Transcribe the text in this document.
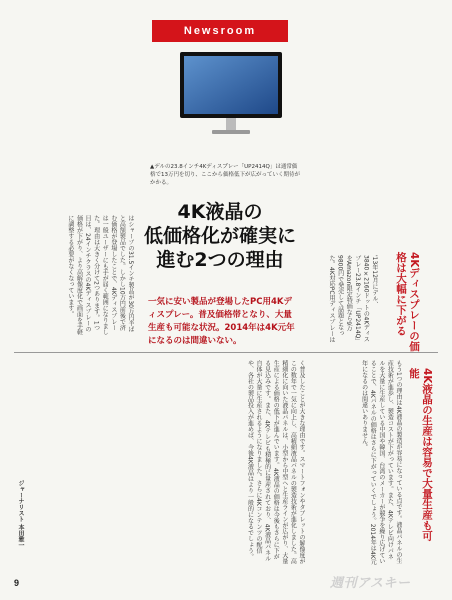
Newsroom
▲デルの23.8インチ4Kディスプレー「UP2414Q」は通常価格で13万円を切り、ここから価格低下が広がっていく期待がかかる。
4K液晶の
低価格化が確実に
進む2つの理由
一気に安い製品が登場したPC用4Kディスプレー。普及価格帯となり、大量生産も可能な状況。2014年は4K元年になるのは間違いない。	4Kディスプレーの価格は大幅に下がる
'13年12月にデル、3840×2160ドットの4Kディスプレー23.8インチ「UP2414Q」をAmazon限定特価なら9万9800円で発売して話題となった。4K対応PC用ディスプレーは
はシャープの31.5インチ製品が30万円半ばと高額製品でした。しかし10万円前後で済む価格が登場したことで、4Kディスプレーは一般ユーザーにも手が届く範囲になりました。理由は大きく分けて2つあります。1つ目は、24インチクラスの4Kディスプレーの価格が下がり、より高解像度化で画面を手軽に調整する必要がなくなっています。
4K液晶の生産は容易で大量生産も可能
もう1つの理由は4K液晶の製造が容易になっている点です。液晶パネルの生産技術が進歩し、製造コストが下がっています。また、4Kテレビ向けパネルを大量に生産している中国や韓国、台湾のメーカーが競争を繰り広げていることで、4Kパネルの価格はさらに下がっていくでしょう。2014年は4K元年になるのは間違いありません。
く普及したことが大きな理由です。スマートフォンやタブレットの解像度がこの数年で一気に向上し、高精細液晶パネルの製造技術が進化しました。高精細化に向いた液晶パネルは、小型から中型へと生産ラインが広がり、大量生産による価格の低下が進んでいます。4K液晶の価格は今後もさらに下がる見込みです。また、4Kテレビも積極的に量産されており、4K液晶パネル自体が大量に生産されるようになりました。さらに4Kコンテンツの配信や、各社の製品投入が進めば、今後4K液晶はより一般的になるでしょう。
ジャーナリスト 本田雅一
9	週刊アスキー
